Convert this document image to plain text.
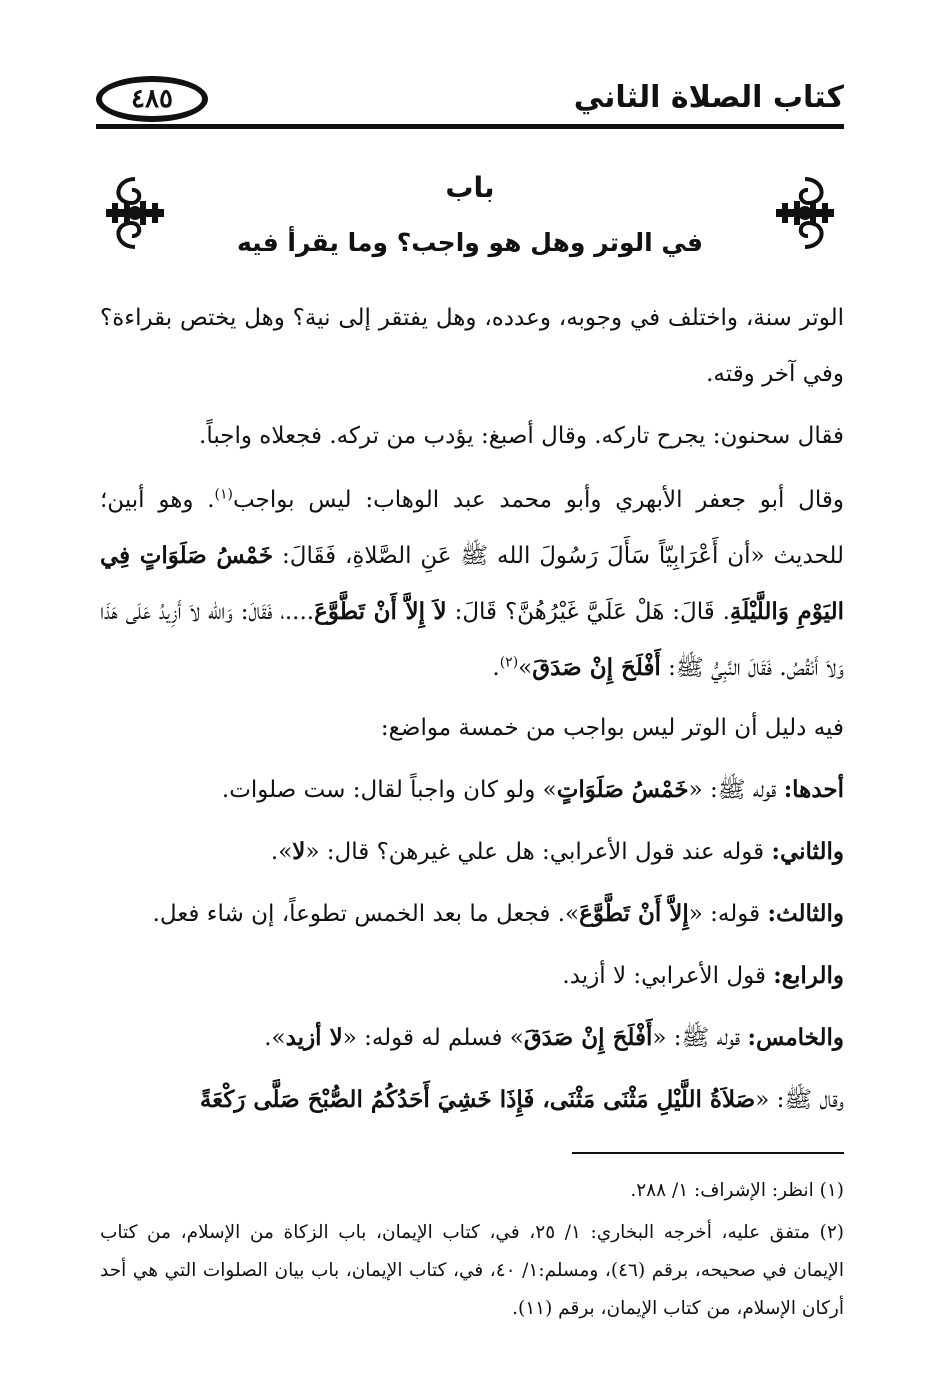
كتاب الصلاة الثاني
٤٨٥
باب
في الوتر وهل هو واجب؟ وما يقرأ فيه
الوتر سنة، واختلف في وجوبه، وعدده، وهل يفتقر إلى نية؟ وهل يختص بقراءة؟ وفي آخر وقته.
فقال سحنون: يجرح تاركه. وقال أصبغ: يؤدب من تركه. فجعلاه واجباً.
وقال أبو جعفر الأبهري وأبو محمد عبد الوهاب: ليس بواجب$^{(١)}$. وهو أبين؛ للحديث «أن أَعْرَابِيّاً سَأَلَ رَسُولَ الله ﷺ عَنِ الصَّلاةِ، فَقَالَ: خَمْسُ صَلَوَاتٍ فِي اليَوْمِ وَاللَّيْلَةِ. قَالَ: هَلْ عَلَيَّ غَيْرُهُنَّ؟ قَالَ: لاَ إِلاَّ أَنْ تَطَّوَّعَ....، فَقَالَ: وَالله لاَ أَزِيدُ عَلَى هَذَا وَلاَ أَنْقُصُ. فَقَالَ النَّبِيُّ ﷺ: أَفْلَحَ إِنْ صَدَقَ»$^{(٢)}$.
فيه دليل أن الوتر ليس بواجب من خمسة مواضع:
أحدها: قوله ﷺ: «خَمْسُ صَلَوَاتٍ» ولو كان واجباً لقال: ست صلوات.
والثاني: قوله عند قول الأعرابي: هل علي غيرهن؟ قال: «لا».
والثالث: قوله: «إِلاَّ أَنْ تَطَّوَّعَ». فجعل ما بعد الخمس تطوعاً، إن شاء فعل.
والرابع: قول الأعرابي: لا أزيد.
والخامس: قوله ﷺ: «أَفْلَحَ إِنْ صَدَقَ» فسلم له قوله: «لا أزيد».
وقال ﷺ: «صَلاَةُ اللَّيْلِ مَثْنَى مَثْنَى، فَإِذَا خَشِيَ أَحَدُكُمُ الصُّبْحَ صَلَّى رَكْعَةً
(١) انظر: الإشراف: ١/ ٢٨٨.
(٢) متفق عليه، أخرجه البخاري: ١/ ٢٥، في، كتاب الإيمان، باب الزكاة من الإسلام، من كتاب الإيمان في صحيحه، برقم (٤٦)، ومسلم:١/ ٤٠، في، كتاب الإيمان، باب بيان الصلوات التي هي أحد أركان الإسلام، من كتاب الإيمان، برقم (١١).
